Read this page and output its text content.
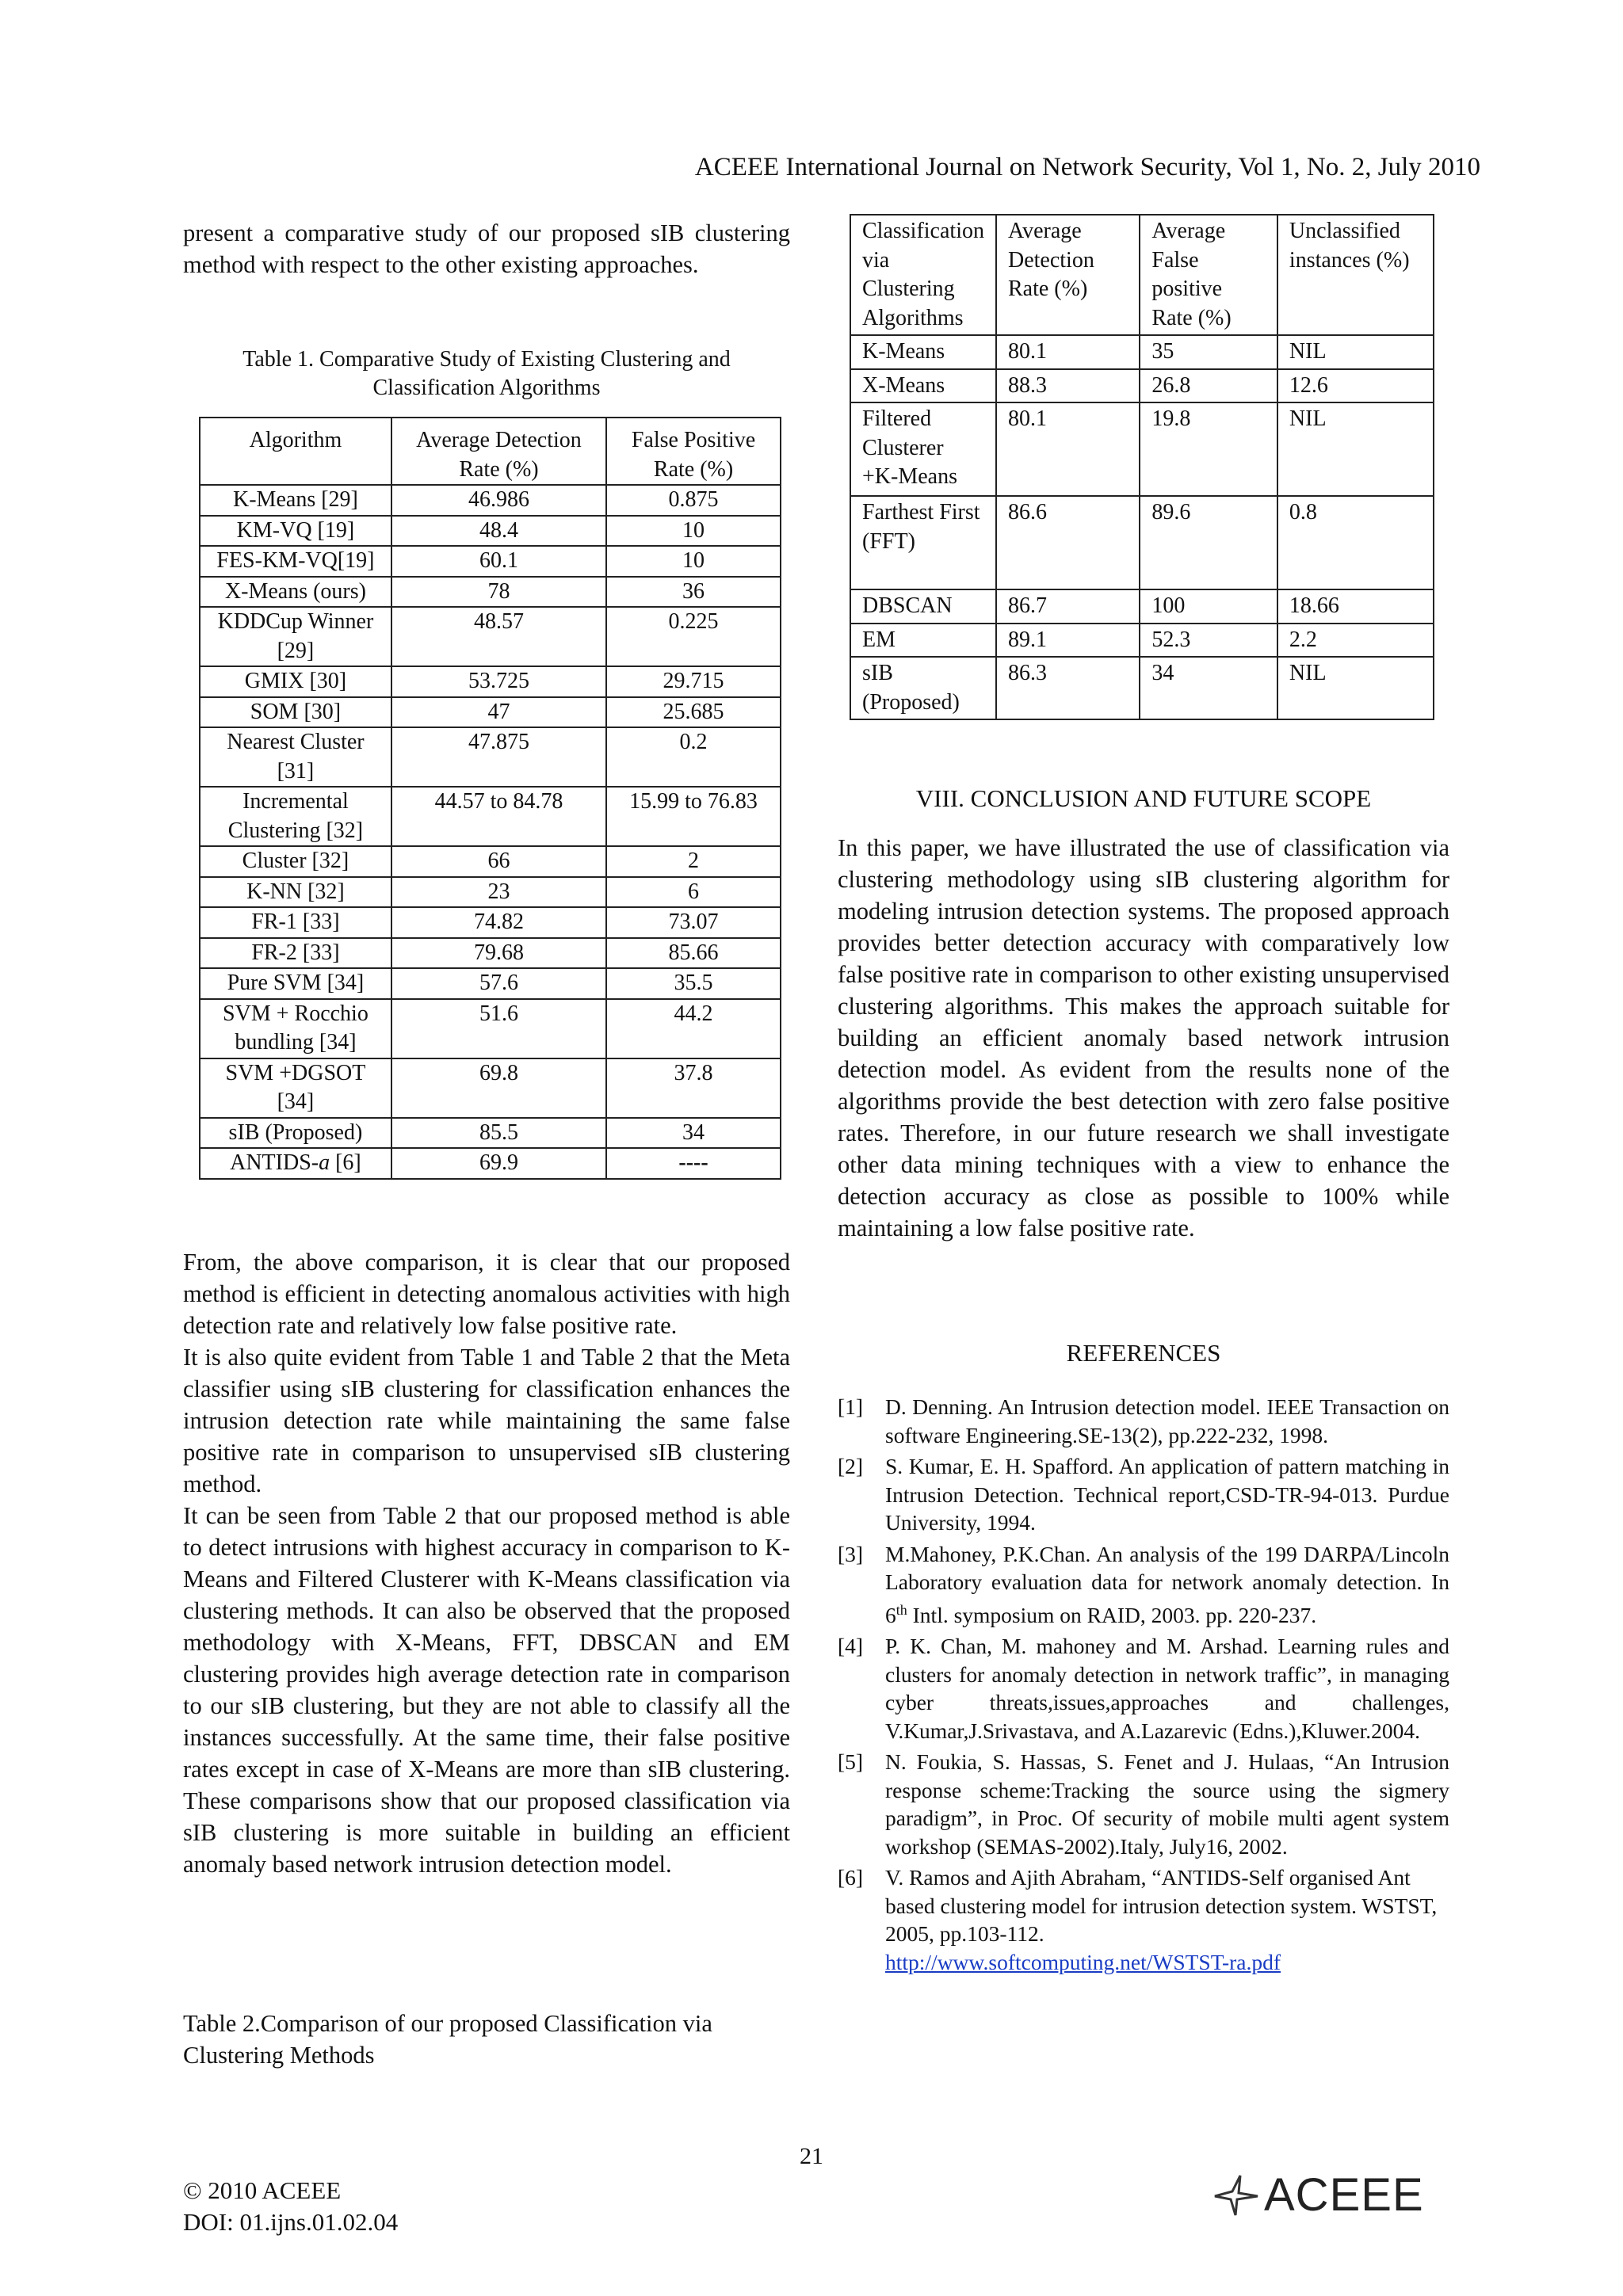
ACEEE International Journal on Network Security, Vol 1, No. 2, July 2010
present a comparative study of our proposed sIB clustering method with respect to the other existing approaches.
Table 1. Comparative Study of Existing Clustering and Classification Algorithms
Algorithm	Average Detection Rate (%)	False Positive Rate (%)
K-Means [29]	46.986	0.875
KM-VQ [19]	48.4	10
FES-KM-VQ[19]	60.1	10
X-Means (ours)	78	36
KDDCup Winner [29]	48.57	0.225
GMIX [30]	53.725	29.715
SOM [30]	47	25.685
Nearest Cluster [31]	47.875	0.2
Incremental Clustering [32]	44.57 to 84.78	15.99 to 76.83
Cluster [32]	66	2
K-NN [32]	23	6
FR-1 [33]	74.82	73.07
FR-2 [33]	79.68	85.66
Pure SVM [34]	57.6	35.5
SVM + Rocchio bundling [34]	51.6	44.2
SVM +DGSOT [34]	69.8	37.8
sIB (Proposed)	85.5	34
ANTIDS-a [6]	69.9	----

From, the above comparison, it is clear that our proposed method is efficient in detecting anomalous activities with high detection rate and relatively low false positive rate.

It is also quite evident from Table 1 and Table 2 that the Meta classifier using sIB clustering for classification enhances the intrusion detection rate while maintaining the same false positive rate in comparison to unsupervised sIB clustering method.

It can be seen from Table 2 that our proposed method is able to detect intrusions with highest accuracy in comparison to K-Means and Filtered Clusterer with K-Means classification via clustering methods. It can also be observed that the proposed methodology with X-Means, FFT, DBSCAN and EM clustering provides high average detection rate in comparison to our sIB clustering, but they are not able to classify all the instances successfully. At the same time, their false positive rates except in case of X-Means are more than sIB clustering. These comparisons show that our proposed classification via sIB clustering is more suitable in building an efficient anomaly based network intrusion detection model.

Table 2.Comparison of our proposed Classification via Clustering Methods
Classification via Clustering Algorithms	Average Detection Rate (%)	Average False positive Rate (%)	Unclassified instances (%)
K-Means	80.1	35	NIL
X-Means	88.3	26.8	12.6
Filtered Clusterer +K-Means	80.1	19.8	NIL
Farthest First (FFT)	86.6	89.6	0.8
DBSCAN	86.7	100	18.66
EM	89.1	52.3	2.2
sIB (Proposed)	86.3	34	NIL
VIII. CONCLUSION AND FUTURE SCOPE
In this paper, we have illustrated the use of classification via clustering methodology using sIB clustering algorithm for modeling intrusion detection systems. The proposed approach provides better detection accuracy with comparatively low false positive rate in comparison to other existing unsupervised clustering algorithms. This makes the approach suitable for building an efficient anomaly based network intrusion detection model. As evident from the results none of the algorithms provide the best detection with zero false positive rates. Therefore, in our future research we shall investigate other data mining techniques with a view to enhance the detection accuracy as close as possible to 100% while maintaining a low false positive rate.
REFERENCES
[1]	D. Denning. An Intrusion detection model. IEEE Transaction on software Engineering.SE-13(2), pp.222-232, 1998.
[2]	S. Kumar, E. H. Spafford. An application of pattern matching in Intrusion Detection. Technical report,CSD-TR-94-013. Purdue University, 1994.
[3]	M.Mahoney, P.K.Chan. An analysis of the 199 DARPA/Lincoln Laboratory evaluation data for network anomaly detection. In 6th Intl. symposium on RAID, 2003. pp. 220-237.
[4]	P. K. Chan, M. mahoney and M. Arshad. Learning rules and clusters for anomaly detection in network traffic”, in managing cyber threats,issues,approaches and challenges, V.Kumar,J.Srivastava, and A.Lazarevic (Edns.),Kluwer.2004.
[5]	N. Foukia, S. Hassas, S. Fenet and J. Hulaas, “An Intrusion response scheme:Tracking the source using the sigmery paradigm”, in Proc. Of security of mobile multi agent system workshop (SEMAS-2002).Italy, July16, 2002.
[6]	V. Ramos and Ajith Abraham, “ANTIDS-Self organised Ant based clustering model for intrusion detection system. WSTST, 2005, pp.103-112.
http://www.softcomputing.net/WSTST-ra.pdf
21
© 2010 ACEEE
DOI: 01.ijns.01.02.04
ACEEE
